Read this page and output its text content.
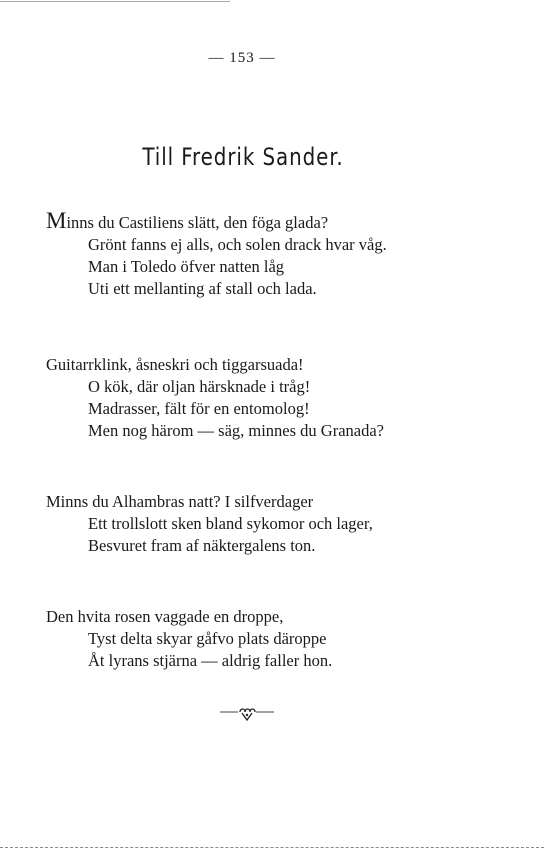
— 153 —
Till Fredrik Sander.
Minns du Castiliens slätt, den föga glada?
Grönt fanns ej alls, och solen drack hvar våg.
Man i Toledo öfver natten låg
Uti ett mellanting af stall och lada.
Guitarrklink, åsneskri och tiggarsuada!
O kök, där oljan härsknade i tråg!
Madrasser, fält för en entomolog!
Men nog härom — säg, minnes du Granada?
Minns du Alhambras natt? I silfverdager
Ett trollslott sken bland sykomor och lager,
Besvuret fram af näktergalens ton.
Den hvita rosen vaggade en droppe,
Tyst delta skyar gåfvo plats däroppe
Åt lyrans stjärna — aldrig faller hon.
